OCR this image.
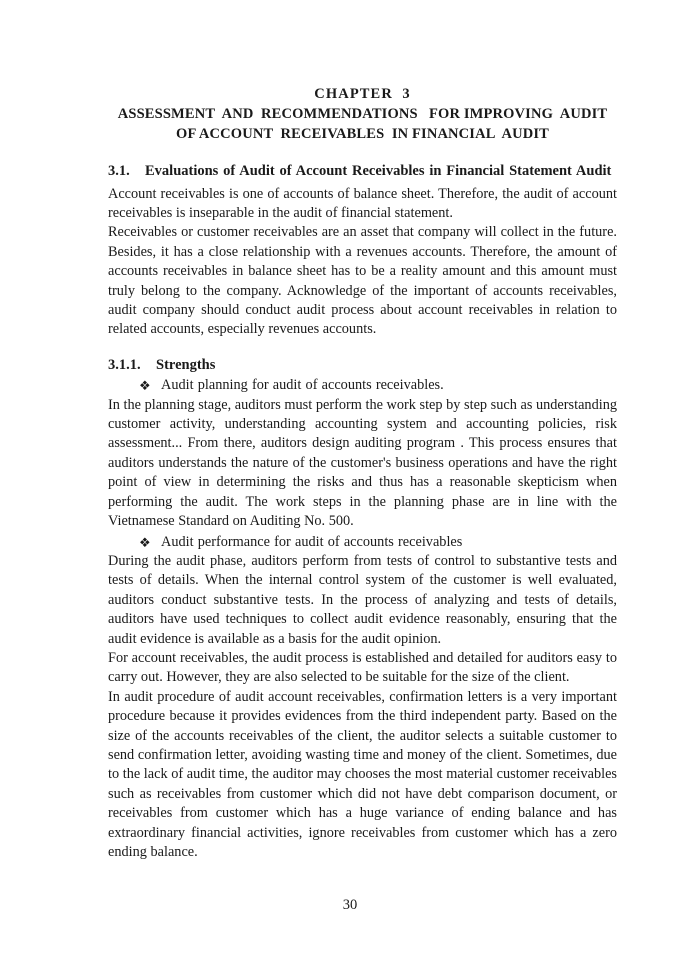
CHAPTER  3
ASSESSMENT  AND  RECOMMENDATIONS   FOR IMPROVING  AUDIT
OF ACCOUNT  RECEIVABLES  IN FINANCIAL  AUDIT
3.1.	Evaluations of Audit of Account Receivables in Financial Statement Audit

Account receivables is one of accounts of balance sheet. Therefore, the audit of account receivables is inseparable in the audit of financial statement.

Receivables or customer receivables are an asset that company will collect in the future. Besides, it has a close relationship with a revenues accounts. Therefore, the amount of accounts receivables in balance sheet has to be a reality amount and this amount must truly belong to the company. Acknowledge of the important of accounts receivables, audit company should conduct audit process about account receivables in relation to related accounts, especially revenues accounts.

3.1.1.	Strengths
❖ Audit planning for audit of accounts receivables.

In the planning stage, auditors must perform the work step by step such as understanding customer activity, understanding accounting system and accounting policies, risk assessment... From there, auditors design auditing program . This process ensures that auditors understands the nature of the customer's business operations and have the right point of view in determining the risks and thus has a reasonable skepticism when performing the audit. The work steps in the planning phase are in line with the Vietnamese Standard on Auditing No. 500.

❖ Audit performance for audit of accounts receivables

During the audit phase, auditors perform from tests of control to substantive tests and tests of details. When the internal control system of the customer is well evaluated, auditors conduct substantive tests. In the process of analyzing and tests of details, auditors have used techniques to collect audit evidence reasonably, ensuring that the audit evidence is available as a basis for the audit opinion.

For account receivables, the audit process is established and detailed for auditors easy to carry out. However, they are also selected to be suitable for the size of the client.

In audit procedure of audit account receivables, confirmation letters is a very important procedure because it provides evidences from the third independent party. Based on the size of the accounts receivables of the client, the auditor selects a suitable customer to send confirmation letter, avoiding wasting time and money of the client. Sometimes, due to the lack of audit time, the auditor may chooses the most material customer receivables such as receivables from customer which did not have debt comparison document, or receivables from customer which has a huge variance of ending balance and has extraordinary financial activities, ignore receivables from customer which has a zero ending balance.

30
